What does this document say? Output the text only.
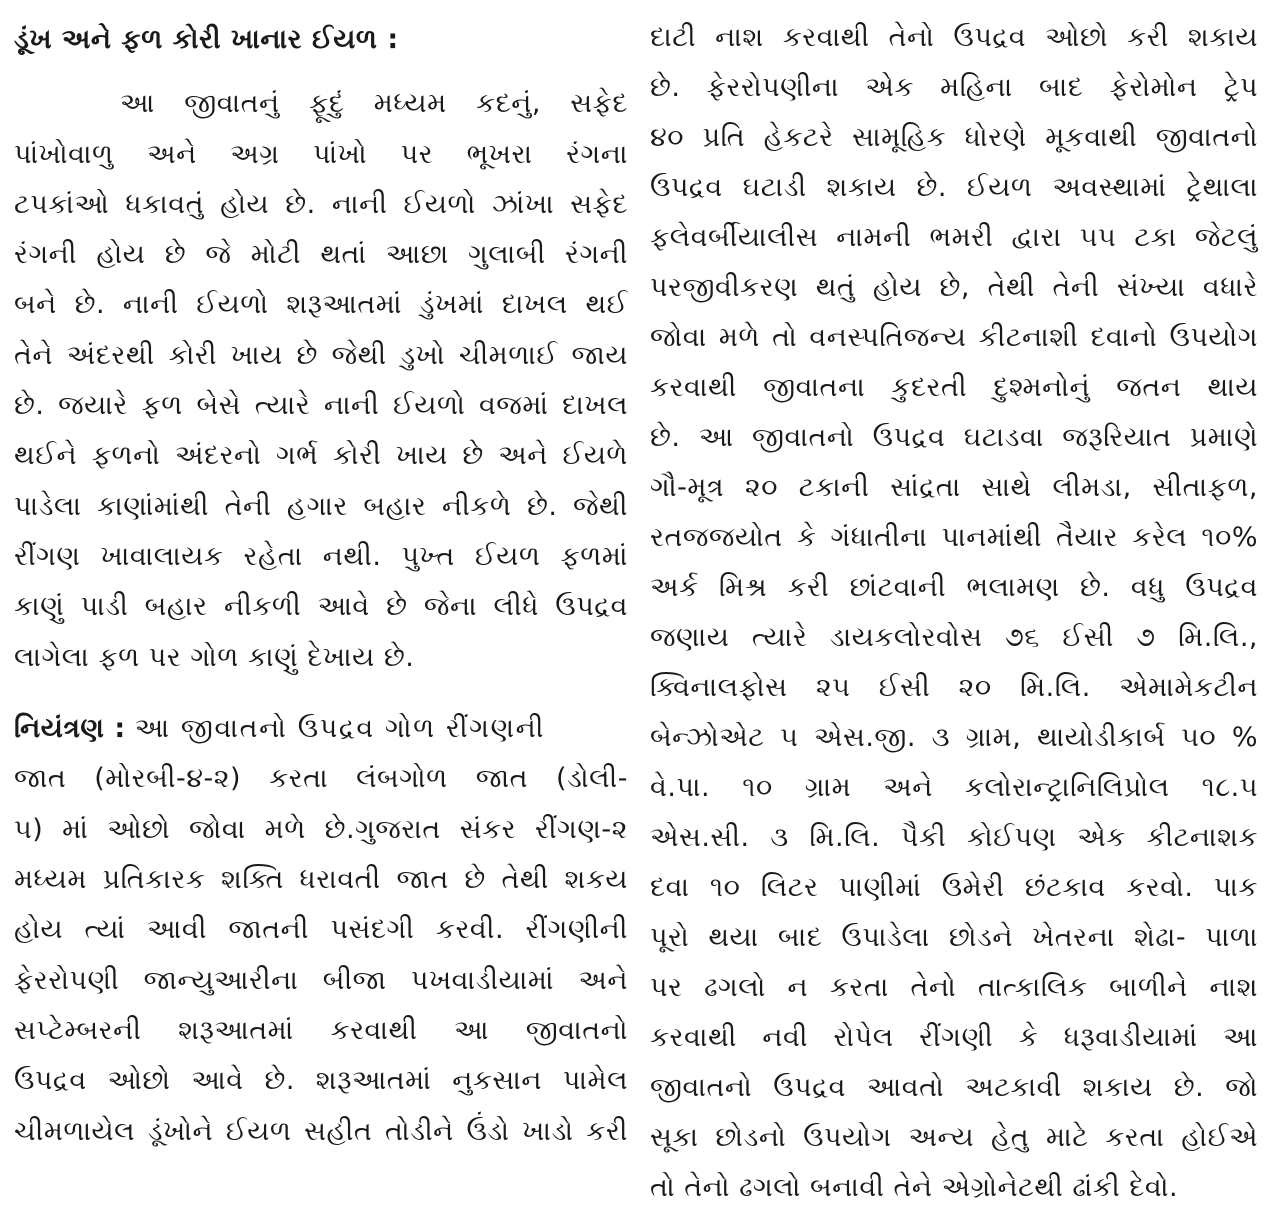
ડૂંખ અને ફળ કોરી ખાનાર ઈયળ :
આ જીવાતનું ફૂદું મધ્યમ કદનું, સફેદ
પાંખોવાળુ અને અગ્ર પાંખો પર ભૂખરા રંગના
ટપકાંઓ ધકાવતું હોય છે. નાની ઈયળો ઝાંખા સફેદ
રંગની હોય છે જે મોટી થતાં આછા ગુલાબી રંગની
બને છે. નાની ઈયળો શરૂઆતમાં ડુંખમાં દાખલ થઈ
તેને અંદરથી કોરી ખાય છે જેથી ડુખો ચીમળાઈ જાય
છે. જયારે ફળ બેસે ત્યારે નાની ઈયળો વજમાં દાખલ
થઈને ફળનો અંદરનો ગર્ભ કોરી ખાય છે અને ઈયળે
પાડેલા કાણાંમાંથી તેની હગાર બહાર નીકળે છે. જેથી
રીંગણ ખાવાલાયક રહેતા નથી. પુખ્ત ઈયળ ફળમાં
કાણું પાડી બહાર નીકળી આવે છે જેના લીધે ઉપદ્રવ
લાગેલા ફળ પર ગોળ કાણું દેખાય છે.
નિયંત્રણ : આ જીવાતનો ઉપદ્રવ ગોળ રીંગણની
જાત (મોરબી-૪-૨) કરતા લંબગોળ જાત (ડોલી-
૫) માં ઓછો જોવા મળે છે.ગુજરાત સંકર રીંગણ-૨
મધ્યમ પ્રતિકારક શક્તિ ધરાવતી જાત છે તેથી શકય
હોય ત્યાં આવી જાતની પસંદગી કરવી. રીંગણીની
ફેરરોપણી જાન્યુઆરીના બીજા પખવાડીયામાં અને
સપ્ટેમ્બરની શરૂઆતમાં કરવાથી આ જીવાતનો
ઉપદ્રવ ઓછો આવે છે. શરૂઆતમાં નુકસાન પામેલ
ચીમળાયેલ ડૂંખોને ઈયળ સહીત તોડીને ઉંડો ખાડો કરી
દાટી નાશ કરવાથી તેનો ઉપદ્રવ ઓછો કરી શકાય
છે. ફેરરોપણીના એક મહિના બાદ ફેરોમોન ટ્રેપ
૪૦ પ્રતિ હેકટરે સામૂહિક ધોરણે મૂકવાથી જીવાતનો
ઉપદ્રવ ઘટાડી શકાય છે. ઈયળ અવસ્થામાં ટ્રેથાલા
ફલેવર્બીયાલીસ નામની ભમરી દ્વારા ૫૫ ટકા જેટલું
પરજીવીકરણ થતું હોય છે, તેથી તેની સંખ્યા વધારે
જોવા મળે તો વનસ્પતિજન્ય કીટનાશી દવાનો ઉપયોગ
કરવાથી જીવાતના કુદરતી દુશ્મનોનું જતન થાય
છે. આ જીવાતનો ઉપદ્રવ ઘટાડવા જરૂરિયાત પ્રમાણે
ગૌ-મૂત્ર ૨૦ ટકાની સાંદ્રતા સાથે લીમડા, સીતાફળ,
રતજજયોત કે ગંધાતીના પાનમાંથી તૈયાર કરેલ ૧૦%
અર્ક મિશ્ર કરી છાંટવાની ભલામણ છે. વધુ ઉપદ્રવ
જણાય ત્યારે ડાયકલોરવોસ ૭૬ ઈસી ૭ મિ.લિ.,
ક્વિનાલફોસ ૨૫ ઈસી ૨૦ મિ.લિ. એમામેકટીન
બેન્ઝોએટ ૫ એસ.જી. ૩ ગ્રામ, થાયોડીકાર્બ ૫૦ %
વે.પા. ૧૦ ગ્રામ અને કલોરાન્ટ્રાનિલિપ્રોલ ૧૮.૫
એસ.સી. ૩ મિ.લિ. પૈકી કોઈપણ એક કીટનાશક
દવા ૧૦ લિટર પાણીમાં ઉમેરી છંટકાવ કરવો. પાક
પૂરો થયા બાદ ઉપાડેલા છોડને ખેતરના શેઢા- પાળા
પર ઢગલો ન કરતા તેનો તાત્કાલિક બાળીને નાશ
કરવાથી નવી રોપેલ રીંગણી કે ધરૂવાડીયામાં આ
જીવાતનો ઉપદ્રવ આવતો અટકાવી શકાય છે. જો
સૂકા છોડનો ઉપયોગ અન્ય હેતુ માટે કરતા હોઈએ
તો તેનો ઢગલો બનાવી તેને એગ્રોનેટથી ઢાંકી દેવો.
